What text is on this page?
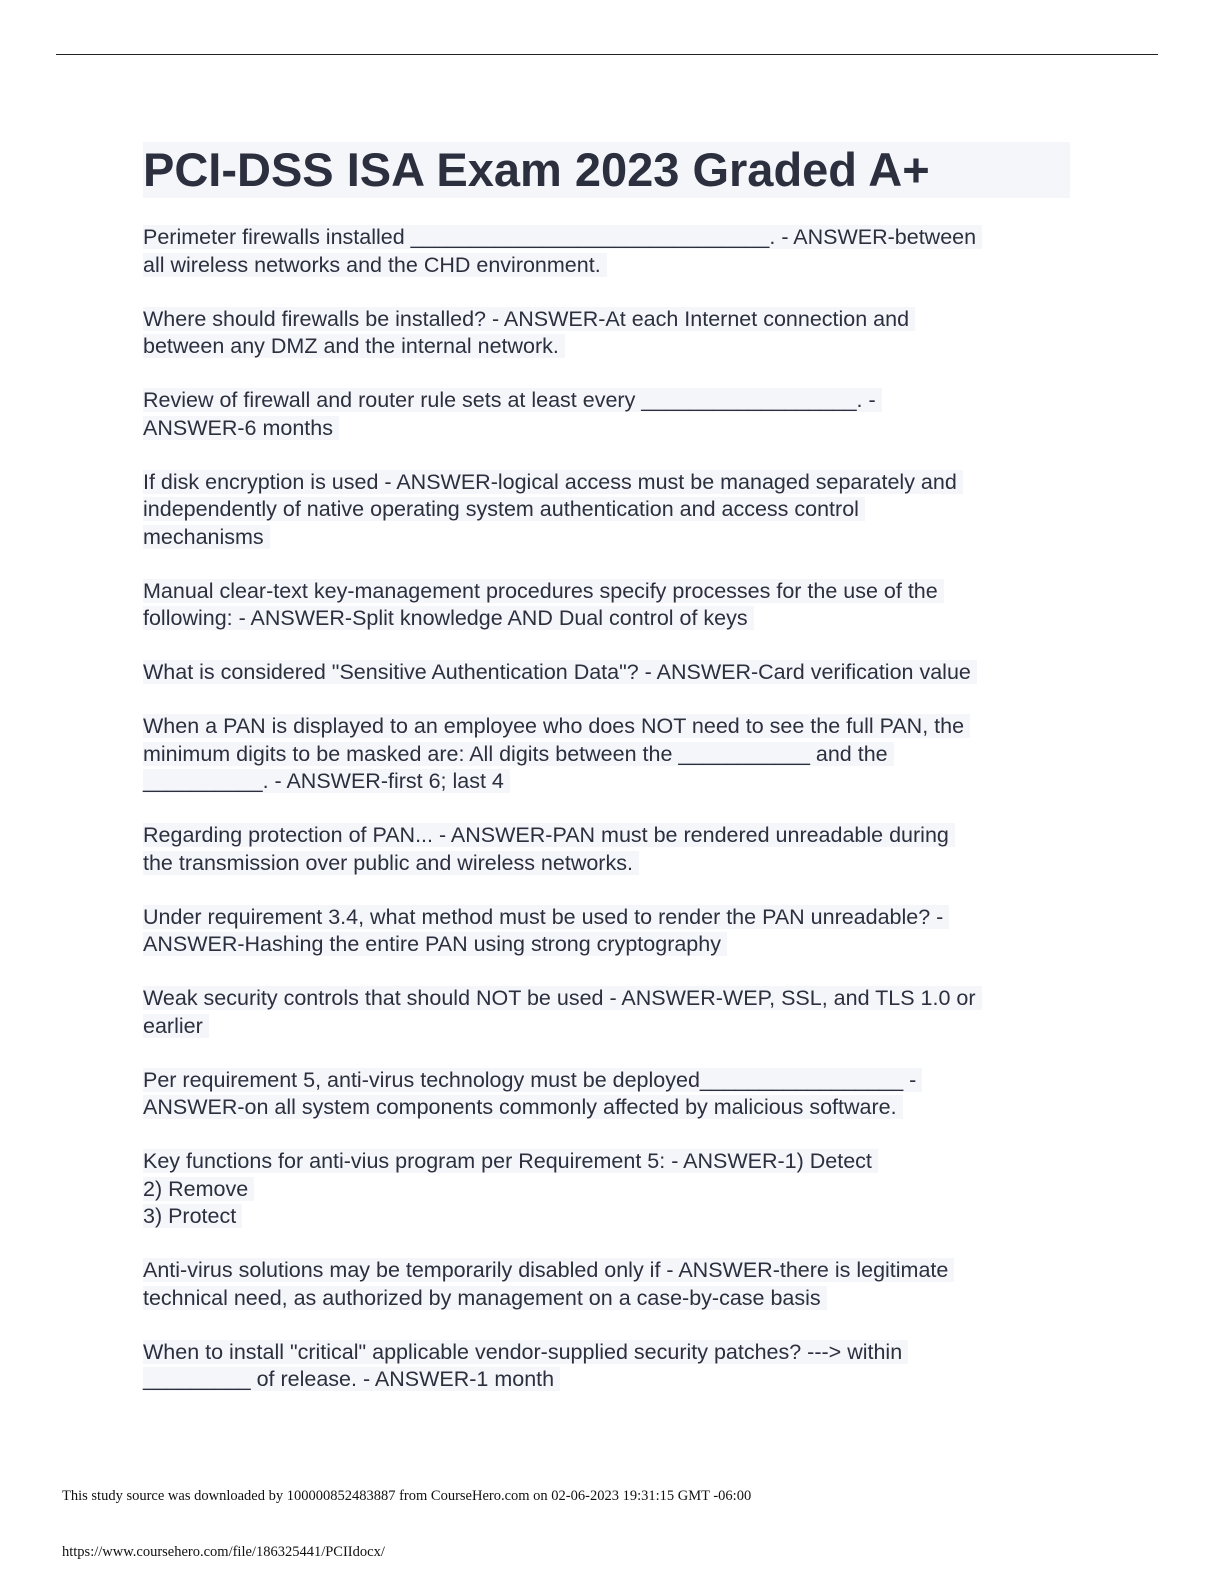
PCI-DSS ISA Exam 2023 Graded A+
Perimeter firewalls installed ______________________________. - ANSWER-between
all wireless networks and the CHD environment.
Where should firewalls be installed? - ANSWER-At each Internet connection and
between any DMZ and the internal network.
Review of firewall and router rule sets at least every __________________. -
ANSWER-6 months
If disk encryption is used - ANSWER-logical access must be managed separately and
independently of native operating system authentication and access control
mechanisms
Manual clear-text key-management procedures specify processes for the use of the
following: - ANSWER-Split knowledge AND Dual control of keys
What is considered "Sensitive Authentication Data"? - ANSWER-Card verification value
When a PAN is displayed to an employee who does NOT need to see the full PAN, the
minimum digits to be masked are: All digits between the ___________ and the
__________. - ANSWER-first 6; last 4
Regarding protection of PAN... - ANSWER-PAN must be rendered unreadable during
the transmission over public and wireless networks.
Under requirement 3.4, what method must be used to render the PAN unreadable? -
ANSWER-Hashing the entire PAN using strong cryptography
Weak security controls that should NOT be used - ANSWER-WEP, SSL, and TLS 1.0 or
earlier
Per requirement 5, anti-virus technology must be deployed_________________ -
ANSWER-on all system components commonly affected by malicious software.
Key functions for anti-vius program per Requirement 5: - ANSWER-1) Detect
2) Remove
3) Protect
Anti-virus solutions may be temporarily disabled only if - ANSWER-there is legitimate
technical need, as authorized by management on a case-by-case basis
When to install "critical" applicable vendor-supplied security patches? ---> within
_________ of release. - ANSWER-1 month
This study source was downloaded by 100000852483887 from CourseHero.com on 02-06-2023 19:31:15 GMT -06:00
https://www.coursehero.com/file/186325441/PCIIdocx/
